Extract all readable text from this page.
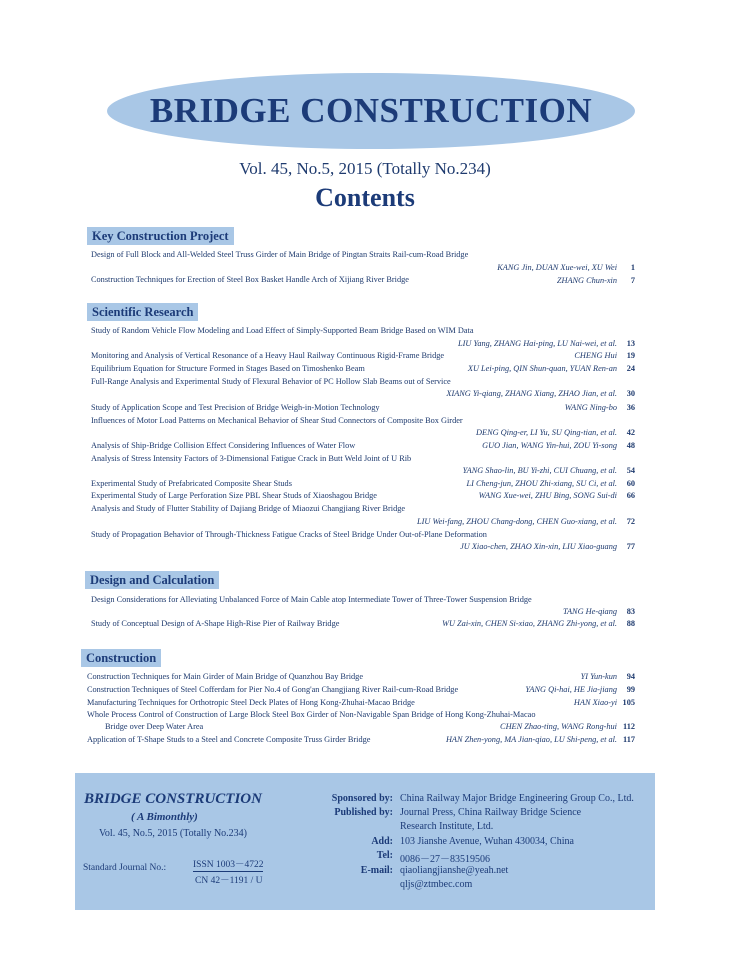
BRIDGE CONSTRUCTION
Vol. 45, No.5, 2015 (Totally No.234)
Contents
Key Construction Project
Design of Full Block and All-Welded Steel Truss Girder of Main Bridge of Pingtan Straits Rail-cum-Road Bridge
KANG Jin, DUAN Xue-wei, XU Wei	1
Construction Techniques for Erection of Steel Box Basket Handle Arch of Xijiang River Bridge	ZHANG Chun-xin	7
Scientific Research
Study of Random Vehicle Flow Modeling and Load Effect of Simply-Supported Beam Bridge Based on WIM Data
LIU Yang, ZHANG Hai-ping, LU Nai-wei, et al.	13
Monitoring and Analysis of Vertical Resonance of a Heavy Haul Railway Continuous Rigid-Frame Bridge	CHENG Hui	19
Equilibrium Equation for Structure Formed in Stages Based on Timoshenko Beam	XU Lei-ping, QIN Shun-quan, YUAN Ren-an	24
Full-Range Analysis and Experimental Study of Flexural Behavior of PC Hollow Slab Beams out of Service
XIANG Yi-qiang, ZHANG Xiang, ZHAO Jian, et al.	30
Study of Application Scope and Test Precision of Bridge Weigh-in-Motion Technology	WANG Ning-bo	36
Influences of Motor Load Patterns on Mechanical Behavior of Shear Stud Connectors of Composite Box Girder
DENG Qing-er, LI Yu, SU Qing-tian, et al.	42
Analysis of Ship-Bridge Collision Effect Considering Influences of Water Flow	GUO Jian, WANG Yin-hui, ZOU Yi-song	48
Analysis of Stress Intensity Factors of 3-Dimensional Fatigue Crack in Butt Weld Joint of U Rib
YANG Shao-lin, BU Yi-zhi, CUI Chuang, et al.	54
Experimental Study of Prefabricated Composite Shear Studs	LI Cheng-jun, ZHOU Zhi-xiang, SU Ci, et al.	60
Experimental Study of Large Perforation Size PBL Shear Studs of Xiaoshagou Bridge	WANG Xue-wei, ZHU Bing, SONG Sui-di	66
Analysis and Study of Flutter Stability of Dajiang Bridge of Miaozui Changjiang River Bridge
LIU Wei-fang, ZHOU Chang-dong, CHEN Guo-xiang, et al.	72
Study of Propagation Behavior of Through-Thickness Fatigue Cracks of Steel Bridge Under Out-of-Plane Deformation
JU Xiao-chen, ZHAO Xin-xin, LIU Xiao-guang	77
Design and Calculation
Design Considerations for Alleviating Unbalanced Force of Main Cable atop Intermediate Tower of Three-Tower Suspension Bridge
TANG He-qiang	83
Study of Conceptual Design of A-Shape High-Rise Pier of Railway Bridge	WU Zai-xin, CHEN Si-xiao, ZHANG Zhi-yong, et al.	88
Construction
Construction Techniques for Main Girder of Main Bridge of Quanzhou Bay Bridge	YI Yun-kun	94
Construction Techniques of Steel Cofferdam for Pier No.4 of Gong'an Changjiang River Rail-cum-Road Bridge	YANG Qi-hai, HE Jia-jiang	99
Manufacturing Techniques for Orthotropic Steel Deck Plates of Hong Kong-Zhuhai-Macao Bridge	HAN Xiao-yi 105
Whole Process Control of Construction of Large Block Steel Box Girder of Non-Navigable Span Bridge of Hong Kong-Zhuhai-Macao
Bridge over Deep Water Area	CHEN Zhao-ting, WANG Rong-hui 112
Application of T-Shape Studs to a Steel and Concrete Composite Truss Girder Bridge	HAN Zhen-yong, MA Jian-qiao, LU Shi-peng, et al. 117
BRIDGE CONSTRUCTION
( A Bimonthly)
Vol. 45, No.5, 2015 (Totally No.234)
Standard Journal No.:	ISSN 1003－4722
CN 42－1191 / U
Sponsored by: China Railway Major Bridge Engineering Group Co., Ltd.
Published by: Journal Press, China Railway Bridge Science
Research Institute, Ltd.
Add: 103 Jianshe Avenue, Wuhan 430034, China
Tel: 0086－27－83519506
E-mail: qiaoliangjianshe@yeah.net
qljs@ztmbec.com
